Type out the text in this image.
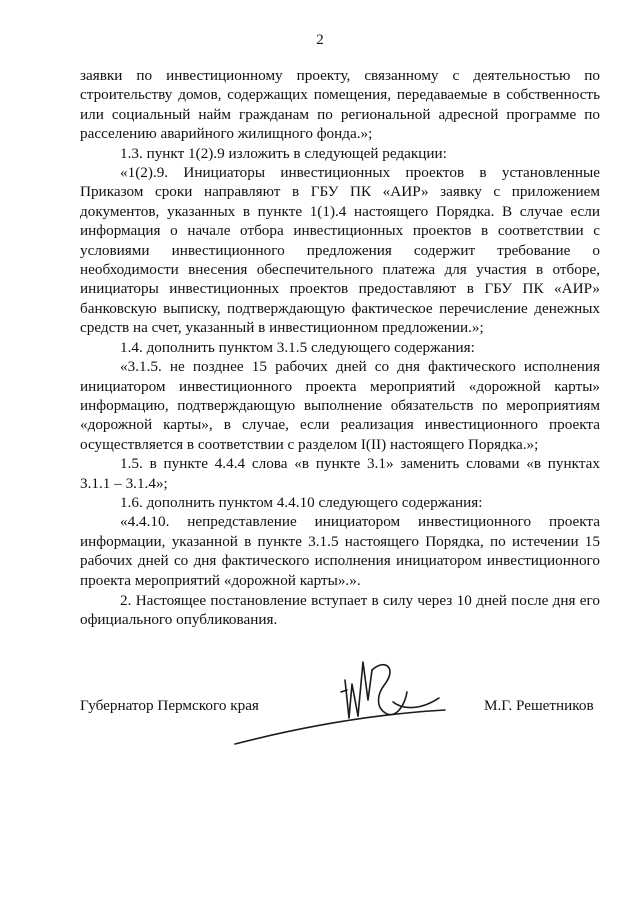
2

заявки по инвестиционному проекту, связанному с деятельностью по строительству домов, содержащих помещения, передаваемые в собственность или социальный найм гражданам по региональной адресной программе по расселению аварийного жилищного фонда.»;

1.3. пункт 1(2).9 изложить в следующей редакции:

«1(2).9. Инициаторы инвестиционных проектов в установленные Приказом сроки направляют в ГБУ ПК «АИР» заявку с приложением документов, указанных в пункте 1(1).4 настоящего Порядка. В случае если информация о начале отбора инвестиционных проектов в соответствии с условиями инвестиционного предложения содержит требование о необходимости внесения обеспечительного платежа для участия в отборе, инициаторы инвестиционных проектов предоставляют в ГБУ ПК «АИР» банковскую выписку, подтверждающую фактическое перечисление денежных средств на счет, указанный в инвестиционном предложении.»;

1.4. дополнить пунктом 3.1.5 следующего содержания:

«3.1.5. не позднее 15 рабочих дней со дня фактического исполнения инициатором инвестиционного проекта мероприятий «дорожной карты» информацию, подтверждающую выполнение обязательств по мероприятиям «дорожной карты», в случае, если реализация инвестиционного проекта осуществляется в соответствии с разделом I(II) настоящего Порядка.»;

1.5. в пункте 4.4.4 слова «в пункте 3.1» заменить словами «в пунктах 3.1.1 – 3.1.4»;

1.6. дополнить пунктом 4.4.10 следующего содержания:

«4.4.10. непредставление инициатором инвестиционного проекта информации, указанной в пункте 3.1.5 настоящего Порядка, по истечении 15 рабочих дней со дня фактического исполнения инициатором инвестиционного проекта мероприятий «дорожной карты».».

2. Настоящее постановление вступает в силу через 10 дней после дня его официального опубликования.

Губернатор Пермского края	М.Г. Решетников
